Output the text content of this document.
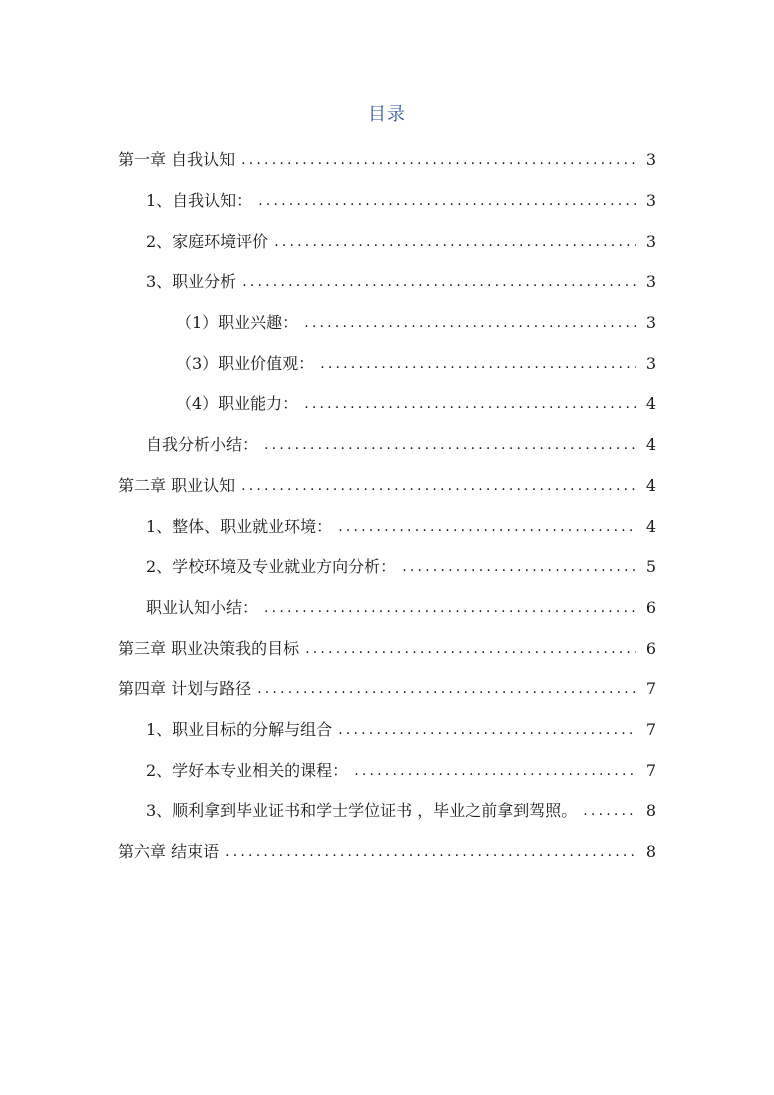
目录
第一章 自我认知 .....	3
1、自我认知： .....	3
2、家庭环境评价 .....	3
3、职业分析 .....	3
（1）职业兴趣： .....	3
（3）职业价值观： .....	3
（4）职业能力： .....	4
自我分析小结： .....	4
第二章 职业认知 .....	4
1、整体、职业就业环境： .....	4
2、学校环境及专业就业方向分析： .....	5
职业认知小结： .....	6
第三章 职业决策我的目标 .....	6
第四章 计划与路径 .....	7
1、职业目标的分解与组合 .....	7
2、学好本专业相关的课程： .....	7
3、顺利拿到毕业证书和学士学位证书 ，毕业之前拿到驾照。 .....	8
第六章 结束语 .....	8
